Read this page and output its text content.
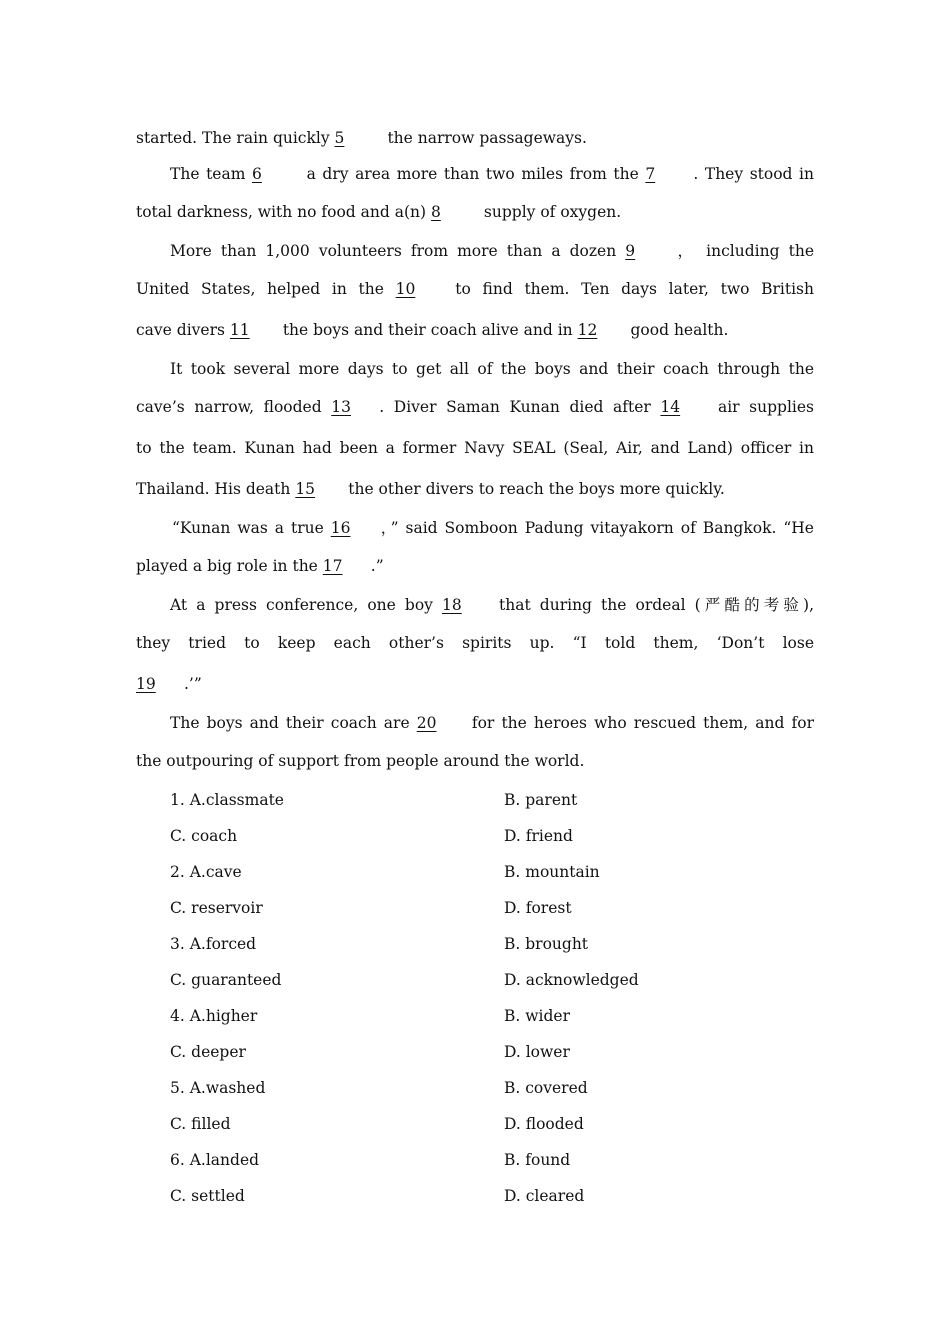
started. The rain quickly 5 the narrow passageways.
The team 6 a dry area more than two miles from the 7 . They stood in
total darkness, with no food and a(n) 8 supply of oxygen.
More than 1,000 volunteers from more than a dozen 9 ， including the
United States, helped in the 10 to find them. Ten days later, two British
cave divers 11 the boys and their coach alive and in 12 good health.
It took several more days to get all of the boys and their coach through the
cave’s narrow, flooded 13 . Diver Saman Kunan died after 14 air supplies
to the team. Kunan had been a former Navy SEAL (Seal, Air, and Land) officer in
Thailand. His death 15 the other divers to reach the boys more quickly.
“Kunan was a true 16 ，” said Somboon Padung vitayakorn of Bangkok. “He
played a big role in the 17 .”
At a press conference, one boy 18 that during the ordeal (严酷的考验),
they tried to keep each other’s spirits up. “I told them, ‘Don’t lose
19 .’”
The boys and their coach are 20 for the heroes who rescued them, and for
the outpouring of support from people around the world.
1. A.classmate	B. parent
C. coach	D. friend
2. A.cave	B. mountain
C. reservoir	D. forest
3. A.forced	B. brought
C. guaranteed	D. acknowledged
4. A.higher	B. wider
C. deeper	D. lower
5. A.washed	B. covered
C. filled	D. flooded
6. A.landed	B. found
C. settled	D. cleared
